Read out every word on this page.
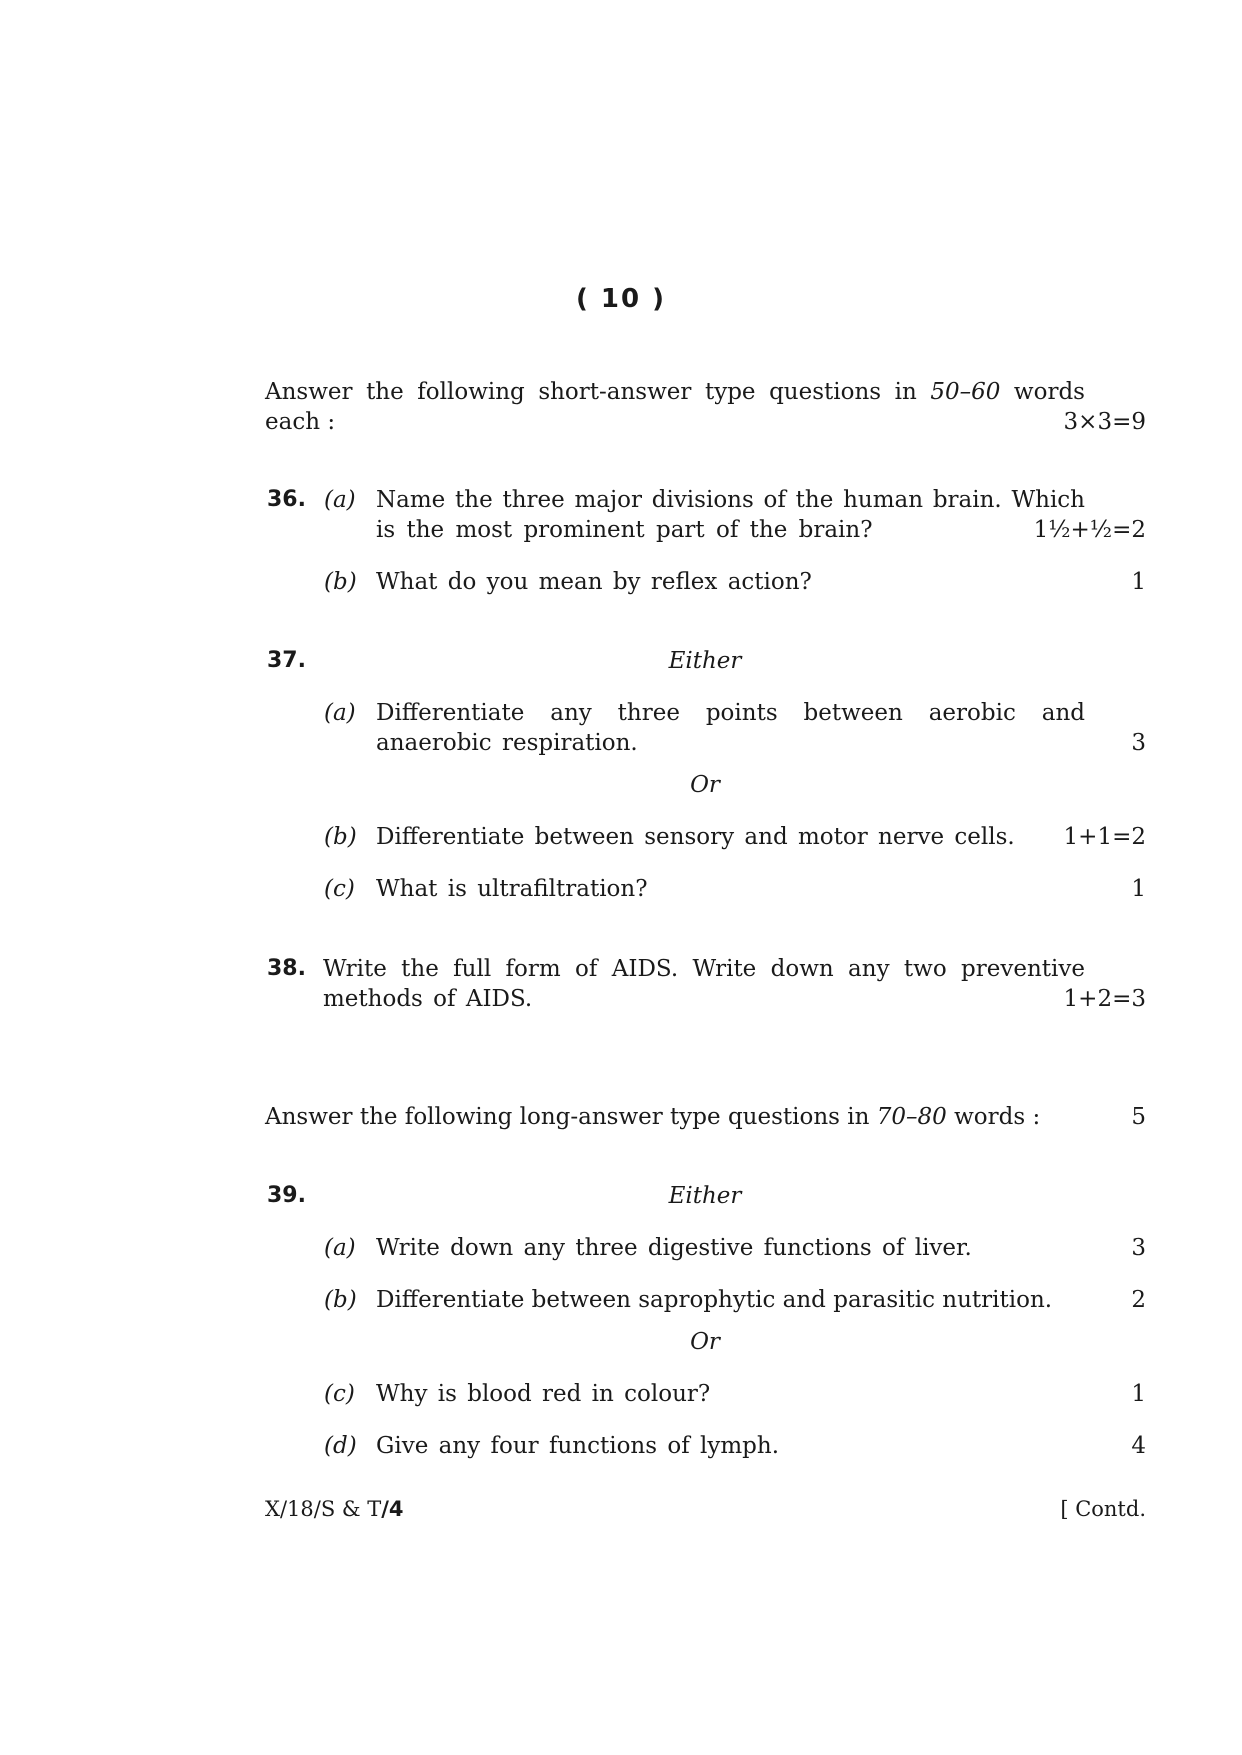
( 10 )
Answer the following short-answer type questions in 50–60 words
each :	3×3=9
36. (a) Name the three major divisions of the human brain. Which
is the most prominent part of the brain?	1½+½=2
(b) What do you mean by reflex action?	1
37.	Either
(a) Differentiate any three points between aerobic and
anaerobic respiration.	3
Or
(b) Differentiate between sensory and motor nerve cells. 1+1=2
(c) What is ultrafiltration?	1
38. Write the full form of AIDS. Write down any two preventive
methods of AIDS.	1+2=3
Answer the following long-answer type questions in 70–80 words :	5
39.	Either
(a) Write down any three digestive functions of liver.	3
(b) Differentiate between saprophytic and parasitic nutrition.	2
Or
(c) Why is blood red in colour?	1
(d) Give any four functions of lymph.	4
X/18/S & T/4	[ Contd.
